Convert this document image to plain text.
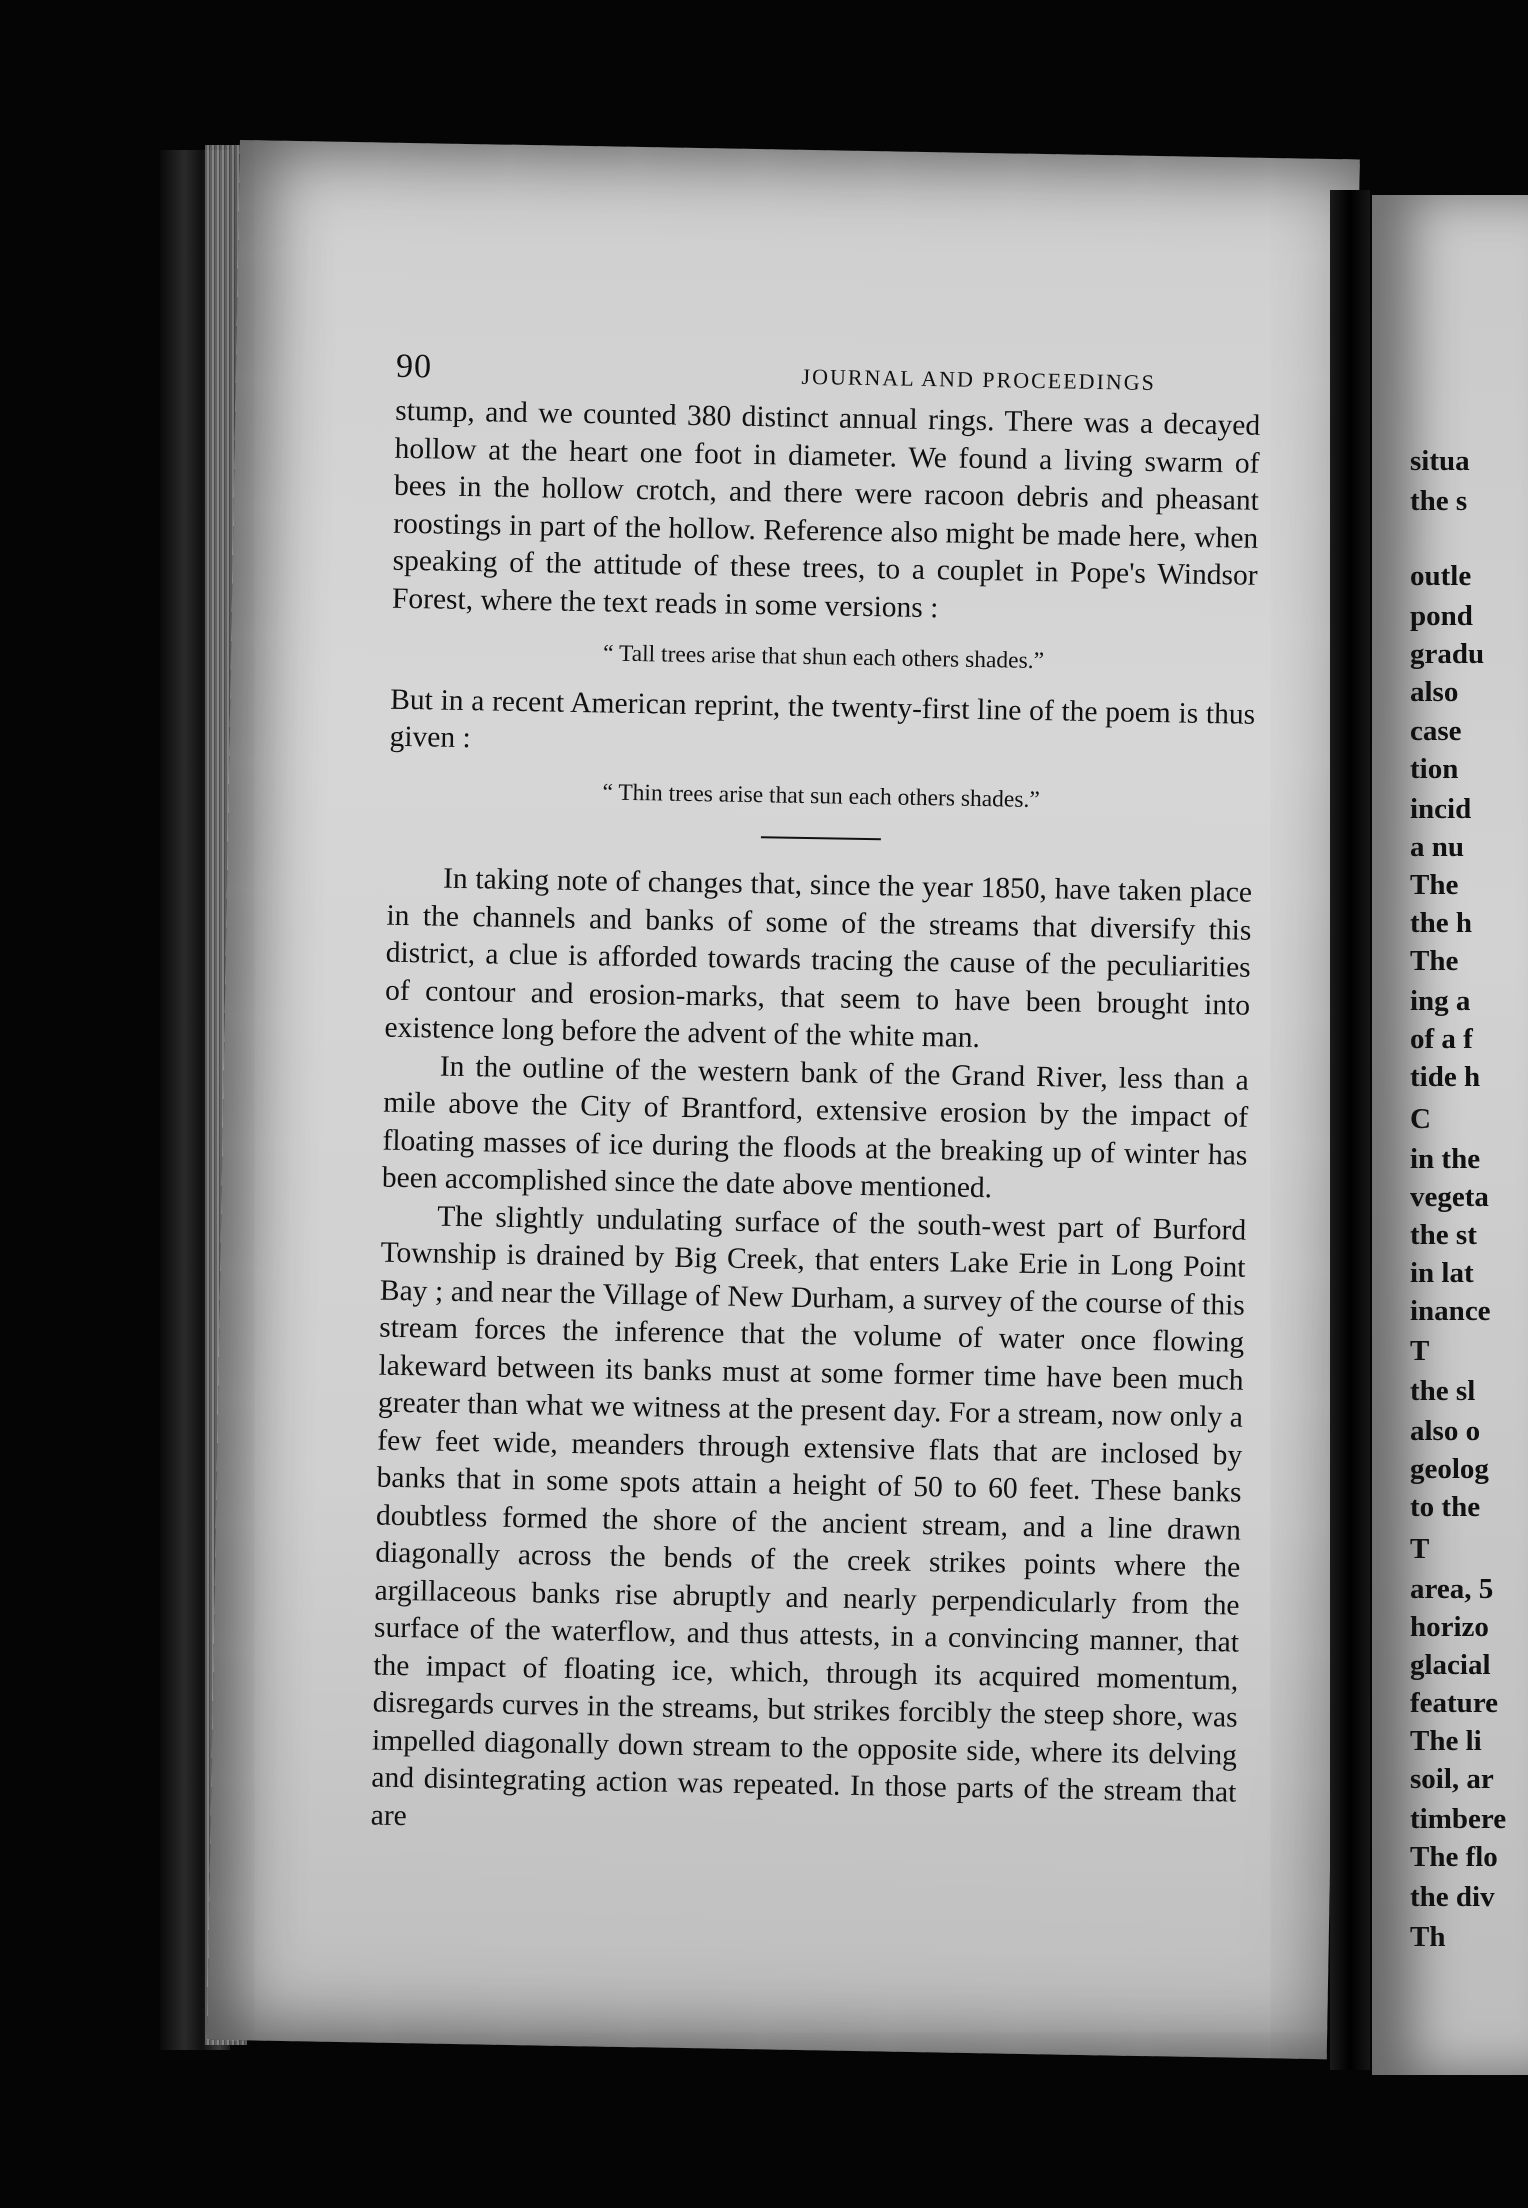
90	JOURNAL AND PROCEEDINGS

stump, and we counted 380 distinct annual rings. There was a decayed hollow at the heart one foot in diameter. We found a living swarm of bees in the hollow crotch, and there were racoon debris and pheasant roostings in part of the hollow. Reference also might be made here, when speaking of the attitude of these trees, to a couplet in Pope's Windsor Forest, where the text reads in some versions :

“ Tall trees arise that shun each others shades.”

But in a recent American reprint, the twenty-first line of the poem is thus given :

“ Thin trees arise that sun each others shades.”

In taking note of changes that, since the year 1850, have taken place in the channels and banks of some of the streams that diversify this district, a clue is afforded towards tracing the cause of the peculiarities of contour and erosion-marks, that seem to have been brought into existence long before the advent of the white man.

In the outline of the western bank of the Grand River, less than a mile above the City of Brantford, extensive erosion by the impact of floating masses of ice during the floods at the breaking up of winter has been accomplished since the date above mentioned.

The slightly undulating surface of the south-west part of Burford Township is drained by Big Creek, that enters Lake Erie in Long Point Bay ; and near the Village of New Durham, a survey of the course of this stream forces the inference that the volume of water once flowing lakeward between its banks must at some former time have been much greater than what we witness at the present day. For a stream, now only a few feet wide, meanders through extensive flats that are inclosed by banks that in some spots attain a height of 50 to 60 feet. These banks doubtless formed the shore of the ancient stream, and a line drawn diagonally across the bends of the creek strikes points where the argillaceous banks rise abruptly and nearly perpendicularly from the surface of the waterflow, and thus attests, in a convincing manner, that the impact of floating ice, which, through its acquired momentum, disregards curves in the streams, but strikes forcibly the steep shore, was impelled diagonally down stream to the opposite side, where its delving and disintegrating action was repeated. In those parts of the stream that are

situa
the s
outle
pond
gradu
also
case
tion
incid
a nu
The
the h
The
ing a
of a f
tide h
C
in the
vegeta
the st
in lat
inance
T
the sl
also o
geolog
to the
T
area, 5
horizo
glacial
feature
The li
soil, ar
timbere
The flo
the div
Th
